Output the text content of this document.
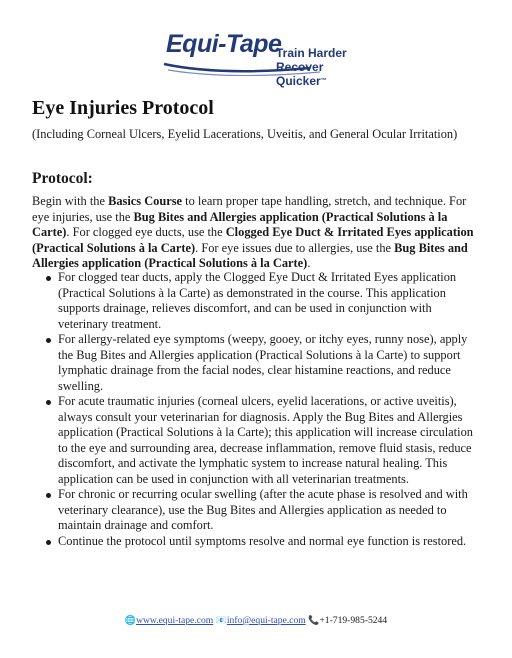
Equi-Tape
Train Harder
Recover Quicker™
Eye Injuries Protocol

(Including Corneal Ulcers, Eyelid Lacerations, Uveitis, and General Ocular Irritation)

Protocol:

Begin with the Basics Course to learn proper tape handling, stretch, and technique. For eye injuries, use the Bug Bites and Allergies application (Practical Solutions à la Carte). For clogged eye ducts, use the Clogged Eye Duct & Irritated Eyes application (Practical Solutions à la Carte). For eye issues due to allergies, use the Bug Bites and Allergies application (Practical Solutions à la Carte).

For clogged tear ducts, apply the Clogged Eye Duct & Irritated Eyes application (Practical Solutions à la Carte) as demonstrated in the course. This application supports drainage, relieves discomfort, and can be used in conjunction with veterinary treatment.
For allergy-related eye symptoms (weepy, gooey, or itchy eyes, runny nose), apply the Bug Bites and Allergies application (Practical Solutions à la Carte) to support lymphatic drainage from the facial nodes, clear histamine reactions, and reduce swelling.
For acute traumatic injuries (corneal ulcers, eyelid lacerations, or active uveitis), always consult your veterinarian for diagnosis. Apply the Bug Bites and Allergies application (Practical Solutions à la Carte); this application will increase circulation to the eye and surrounding area, decrease inflammation, remove fluid stasis, reduce discomfort, and activate the lymphatic system to increase natural healing. This application can be used in conjunction with all veterinarian treatments.
For chronic or recurring ocular swelling (after the acute phase is resolved and with veterinary clearance), use the Bug Bites and Allergies application as needed to maintain drainage and comfort.
Continue the protocol until symptoms resolve and normal eye function is restored.
🌐www.equi-tape.com 📧info@equi-tape.com 📞+1-719-985-5244
